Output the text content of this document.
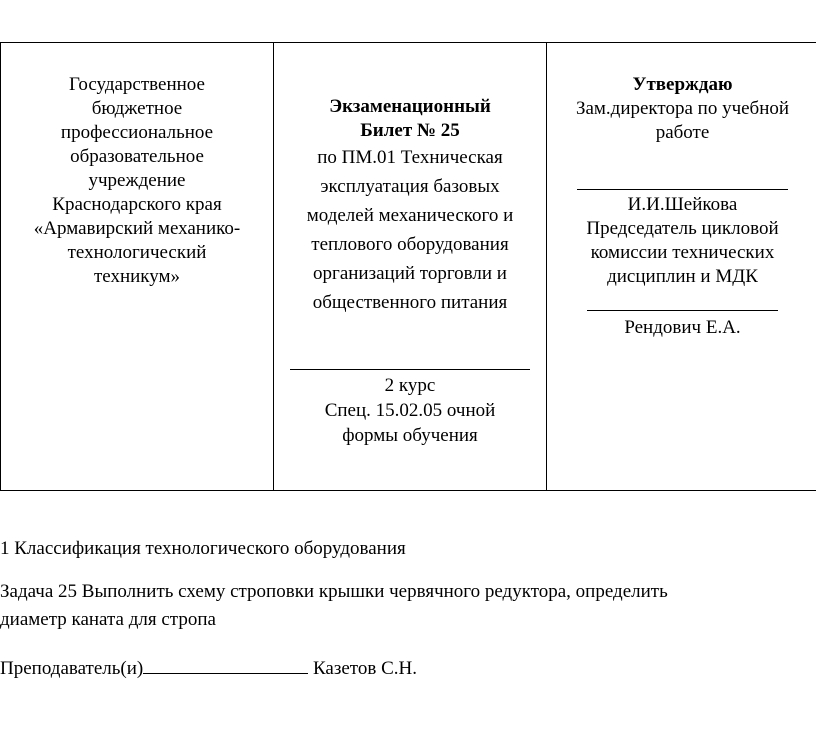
Государственное
бюджетное
профессиональное
образовательное
учреждение
Краснодарского края
«Армавирский механико-
технологический
техникум»

Экзаменационный
Билет № 25
по ПМ.01 Техническая
эксплуатация базовых
моделей механического и
теплового оборудования
организаций торговли и
общественного питания
2 курс
Спец. 15.02.05 очной
формы обучения

Утверждаю
Зам.директора по учебной
работе
И.И.Шейкова
Председатель цикловой
комиссии технических
дисциплин и МДК
Рендович Е.А.
1 Классификация технологического оборудования
Задача 25 Выполнить схему строповки крышки червячного редуктора, определить
диаметр каната для стропа
Преподаватель(и)	Казетов С.Н.
